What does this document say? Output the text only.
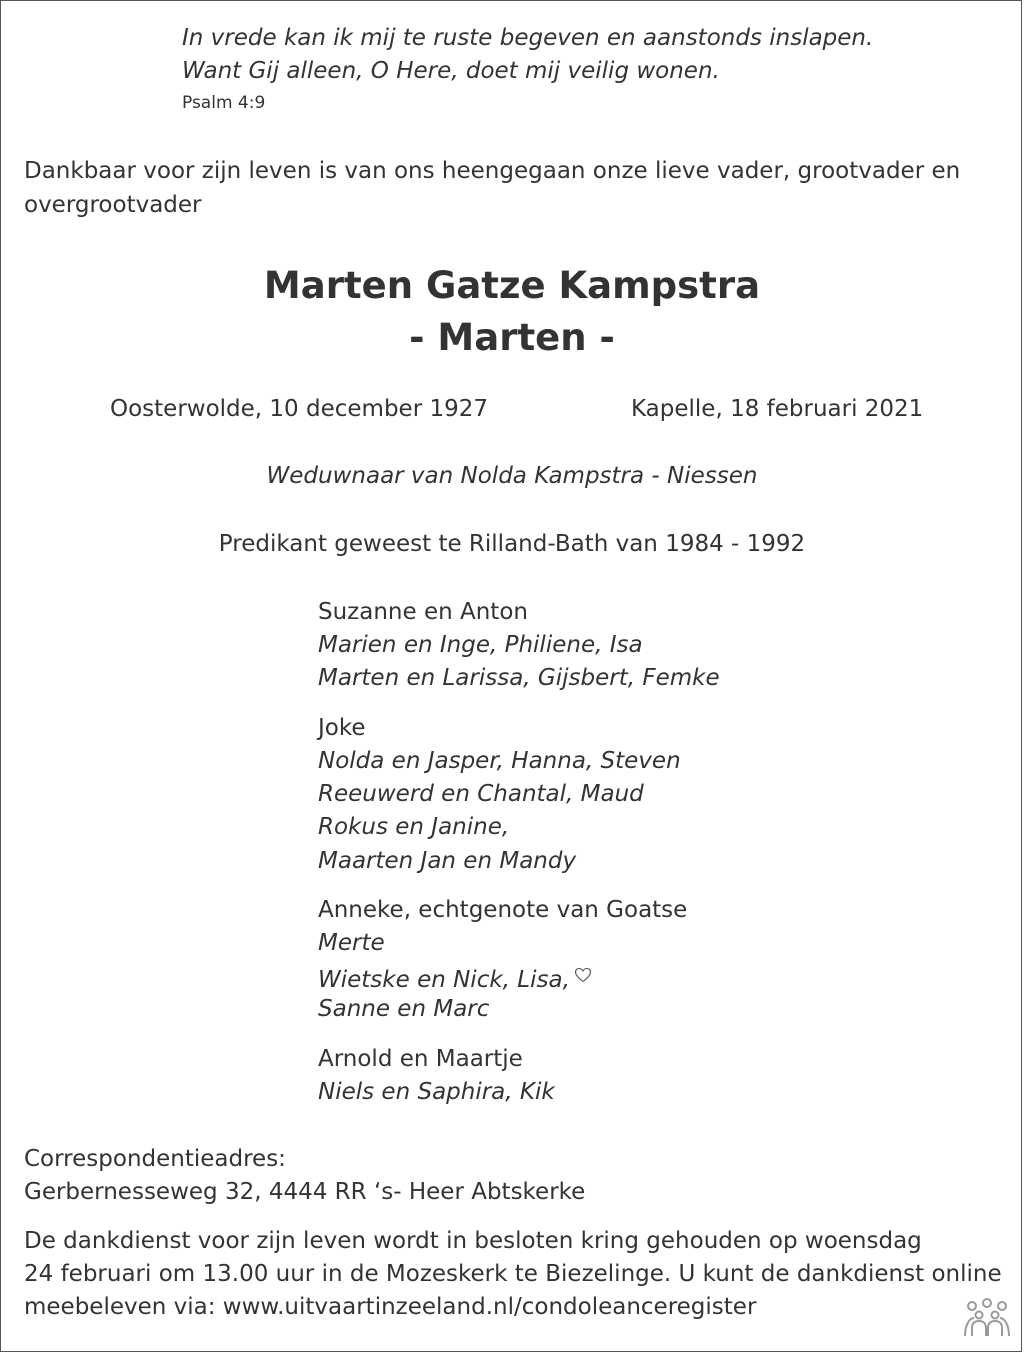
In vrede kan ik mij te ruste begeven en aanstonds inslapen.
Want Gij alleen, O Here, doet mij veilig wonen.
Psalm 4:9
Dankbaar voor zijn leven is van ons heengegaan onze lieve vader, grootvader en overgrootvader
Marten Gatze Kampstra
- Marten -
Oosterwolde, 10 december 1927	Kapelle, 18 februari 2021
Weduwnaar van Nolda Kampstra - Niessen
Predikant geweest te Rilland-Bath van 1984 - 1992
Suzanne en Anton
Marien en Inge, Philiene, Isa
Marten en Larissa, Gijsbert, Femke
Joke
Nolda en Jasper, Hanna, Steven
Reeuwerd en Chantal, Maud
Rokus en Janine,
Maarten Jan en Mandy
Anneke, echtgenote van Goatse
Merte
Wietske en Nick, Lisa,
Sanne en Marc
Arnold en Maartje
Niels en Saphira, Kik
Correspondentieadres:
Gerbernesseweg 32, 4444 RR ‘s- Heer Abtskerke
De dankdienst voor zijn leven wordt in besloten kring gehouden op woensdag
24 februari om 13.00 uur in de Mozeskerk te Biezelinge. U kunt de dankdienst online
meebeleven via: www.uitvaartinzeeland.nl/condoleanceregister
